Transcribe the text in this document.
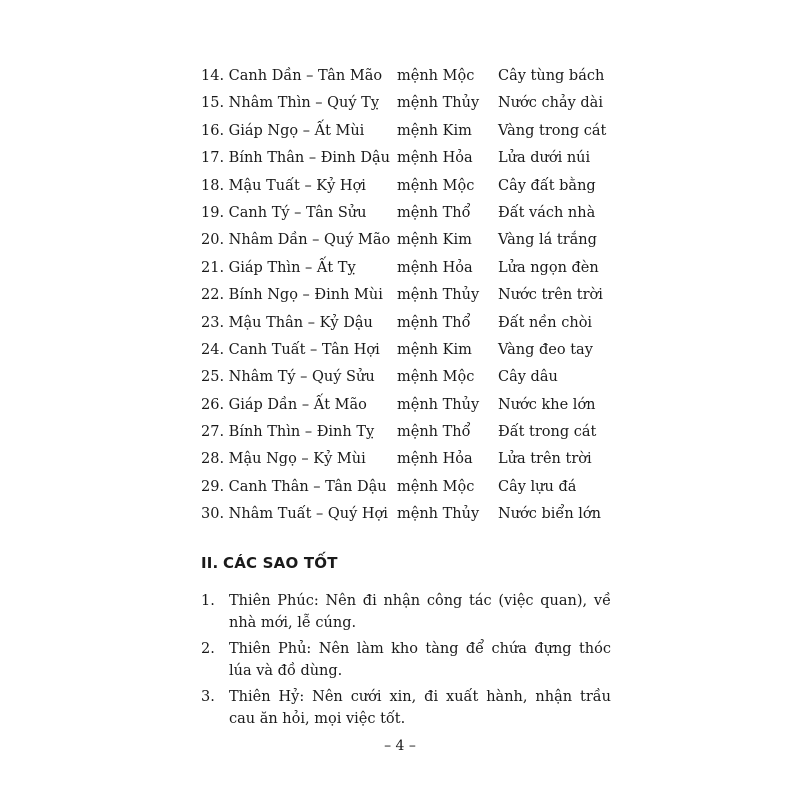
14. Canh Dần – Tân Mão mệnh Mộc Cây tùng bách
15. Nhâm Thìn – Quý Tỵ mệnh Thủy Nước chảy dài
16. Giáp Ngọ – Ất Mùi mệnh Kim Vàng trong cát
17. Bính Thân – Đinh Dậu mệnh Hỏa Lửa dưới núi
18. Mậu Tuất – Kỷ Hợi mệnh Mộc Cây đất bằng
19. Canh Tý – Tân Sửu mệnh Thổ Đất vách nhà
20. Nhâm Dần – Quý Mão mệnh Kim Vàng lá trắng
21. Giáp Thìn – Ất Tỵ	mệnh Hỏa Lửa ngọn đèn
22. Bính Ngọ – Đinh Mùi mệnh Thủy Nước trên trời
23. Mậu Thân – Kỷ Dậu mệnh Thổ Đất nền chòi
24. Canh Tuất – Tân Hợi mệnh Kim Vàng đeo tay
25. Nhâm Tý – Quý Sửu mệnh Mộc Cây dâu
26. Giáp Dần – Ất Mão mệnh Thủy Nước khe lớn
27. Bính Thìn – Đinh Tỵ mệnh Thổ Đất trong cát
28. Mậu Ngọ – Kỷ Mùi mệnh Hỏa Lửa trên trời
29. Canh Thân – Tân Dậu mệnh Mộc Cây lựu đá
30. Nhâm Tuất – Quý Hợi mệnh Thủy Nước biển lớn
II. CÁC SAO TỐT
1. Thiên Phúc: Nên đi nhận công tác (việc quan), về nhà mới, lễ cúng.
2. Thiên Phủ: Nên làm kho tàng để chứa đựng thóc lúa và đồ dùng.
3. Thiên Hỷ: Nên cưới xin, đi xuất hành, nhận trầu cau ăn hỏi, mọi việc tốt.
– 4 –
